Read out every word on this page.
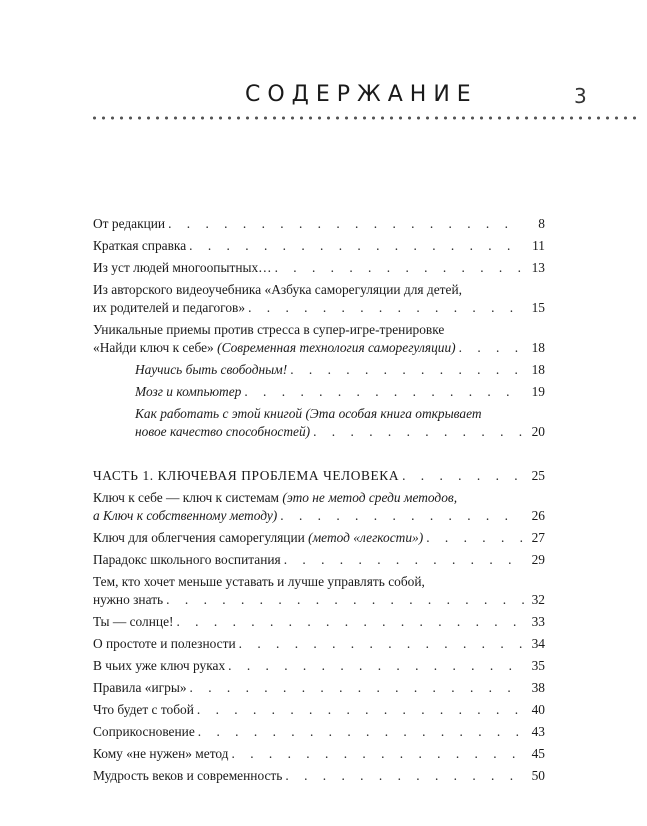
СОДЕРЖАНИЕ	3
От редакции . . .	8
Краткая справка . . .	11
Из уст людей многоопытных… . . .	13
Из авторского видеоучебника «Азбука саморегуляции для детей,
их родителей и педагогов» . . .	15
Уникальные приемы против стресса в супер-игре-тренировке
«Найди ключ к себе» (Современная технология саморегуляции) . . .	18
Научись быть свободным! . . .	18
Мозг и компьютер . . .	19
Как работать с этой книгой (Эта особая книга открывает
новое качество способностей) . . .	20
ЧАСТЬ 1. КЛЮЧЕВАЯ ПРОБЛЕМА ЧЕЛОВЕКА . . .	25
Ключ к себе — ключ к системам (это не метод среди методов,
а Ключ к собственному методу) . . .	26
Ключ для облегчения саморегуляции (метод «легкости») . . .	27
Парадокс школьного воспитания . . .	29
Тем, кто хочет меньше уставать и лучше управлять собой,
нужно знать . . .	32
Ты — солнце! . . .	33
О простоте и полезности . . .	34
В чьих уже ключ руках . . .	35
Правила «игры» . . .	38
Что будет с тобой . . .	40
Соприкосновение . . .	43
Кому «не нужен» метод . . .	45
Мудрость веков и современность . . .	50
